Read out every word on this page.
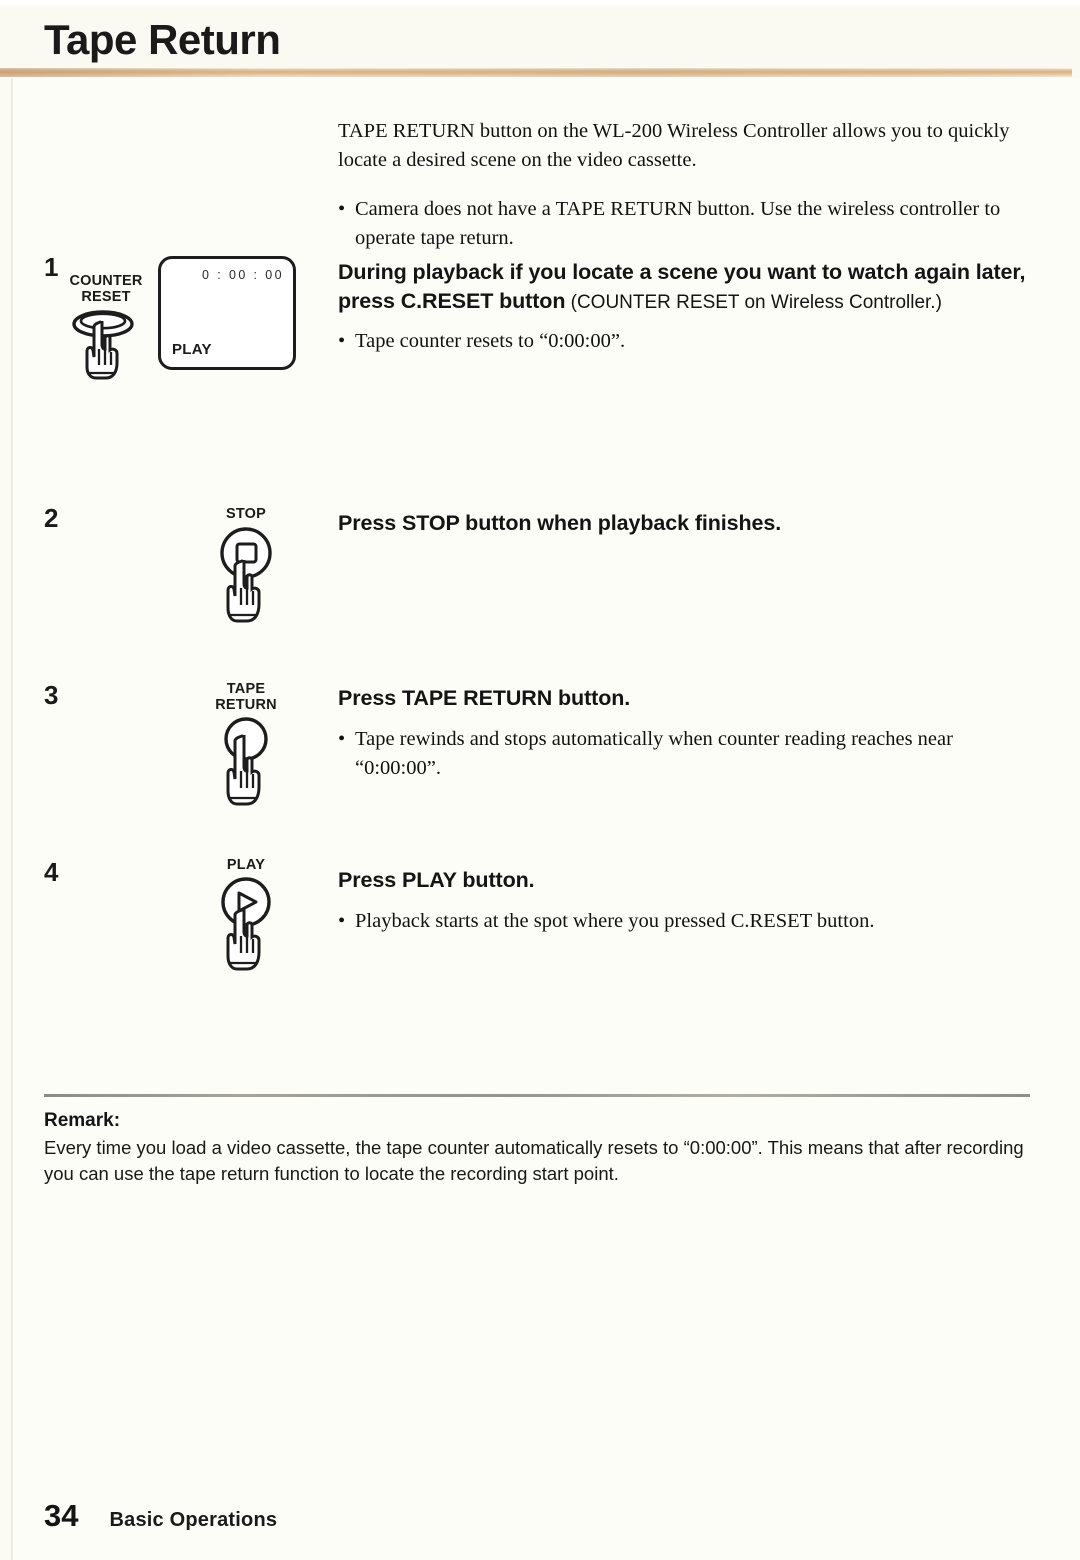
Tape Return

TAPE RETURN button on the WL-200 Wireless Controller allows you to quickly locate a desired scene on the video cassette.

• Camera does not have a TAPE RETURN button. Use the wireless controller to operate tape return.
1 COUNTER
RESET
During playback if you locate a scene you want to watch again later, press C.RESET button (COUNTER RESET on Wireless Controller.)
• Tape counter resets to “0:00:00”.
0 : 00 : 00
PLAY
2	STOP	Press STOP button when playback finishes.
3	TAPE
RETURN	Press TAPE RETURN button.
• Tape rewinds and stops automatically when counter reading reaches near “0:00:00”.
4	PLAY
Press PLAY button.
• Playback starts at the spot where you pressed C.RESET button.
Remark:
Every time you load a video cassette, the tape counter automatically resets to “0:00:00”. This means that after recording you can use the tape return function to locate the recording start point.
34 Basic Operations
